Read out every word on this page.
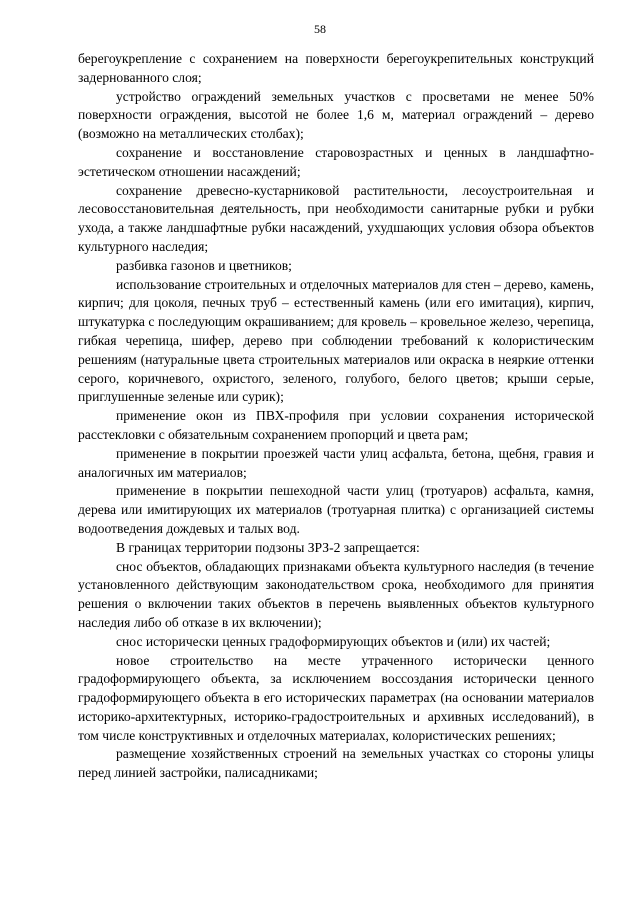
58

берегоукрепление с сохранением на поверхности берегоукрепительных конструкций задернованного слоя;

устройство ограждений земельных участков с просветами не менее 50% поверхности ограждения, высотой не более 1,6 м, материал ограждений – дерево (возможно на металлических столбах);

сохранение и восстановление старовозрастных и ценных в ландшафтно-эстетическом отношении насаждений;

сохранение древесно-кустарниковой растительности, лесоустроительная и лесовосстановительная деятельность, при необходимости санитарные рубки и рубки ухода, а также ландшафтные рубки насаждений, ухудшающих условия обзора объектов культурного наследия;

разбивка газонов и цветников;

использование строительных и отделочных материалов для стен – дерево, камень, кирпич; для цоколя, печных труб – естественный камень (или его имитация), кирпич, штукатурка с последующим окрашиванием; для кровель – кровельное железо, черепица, гибкая черепица, шифер, дерево при соблюдении требований к колористическим решениям (натуральные цвета строительных материалов или окраска в неяркие оттенки серого, коричневого, охристого, зеленого, голубого, белого цветов; крыши серые, приглушенные зеленые или сурик);

применение окон из ПВХ-профиля при условии сохранения исторической расстекловки с обязательным сохранением пропорций и цвета рам;

применение в покрытии проезжей части улиц асфальта, бетона, щебня, гравия и аналогичных им материалов;

применение в покрытии пешеходной части улиц (тротуаров) асфальта, камня, дерева или имитирующих их материалов (тротуарная плитка) с организацией системы водоотведения дождевых и талых вод.

В границах территории подзоны ЗРЗ-2 запрещается:

снос объектов, обладающих признаками объекта культурного наследия (в течение установленного действующим законодательством срока, необходимого для принятия решения о включении таких объектов в перечень выявленных объектов культурного наследия либо об отказе в их включении);

снос исторически ценных градоформирующих объектов и (или) их частей;

новое строительство на месте утраченного исторически ценного градоформирующего объекта, за исключением воссоздания исторически ценного градоформирующего объекта в его исторических параметрах (на основании материалов историко-архитектурных, историко-градостроительных и архивных исследований), в том числе конструктивных и отделочных материалах, колористических решениях;

размещение хозяйственных строений на земельных участках со стороны улицы перед линией застройки, палисадниками;
